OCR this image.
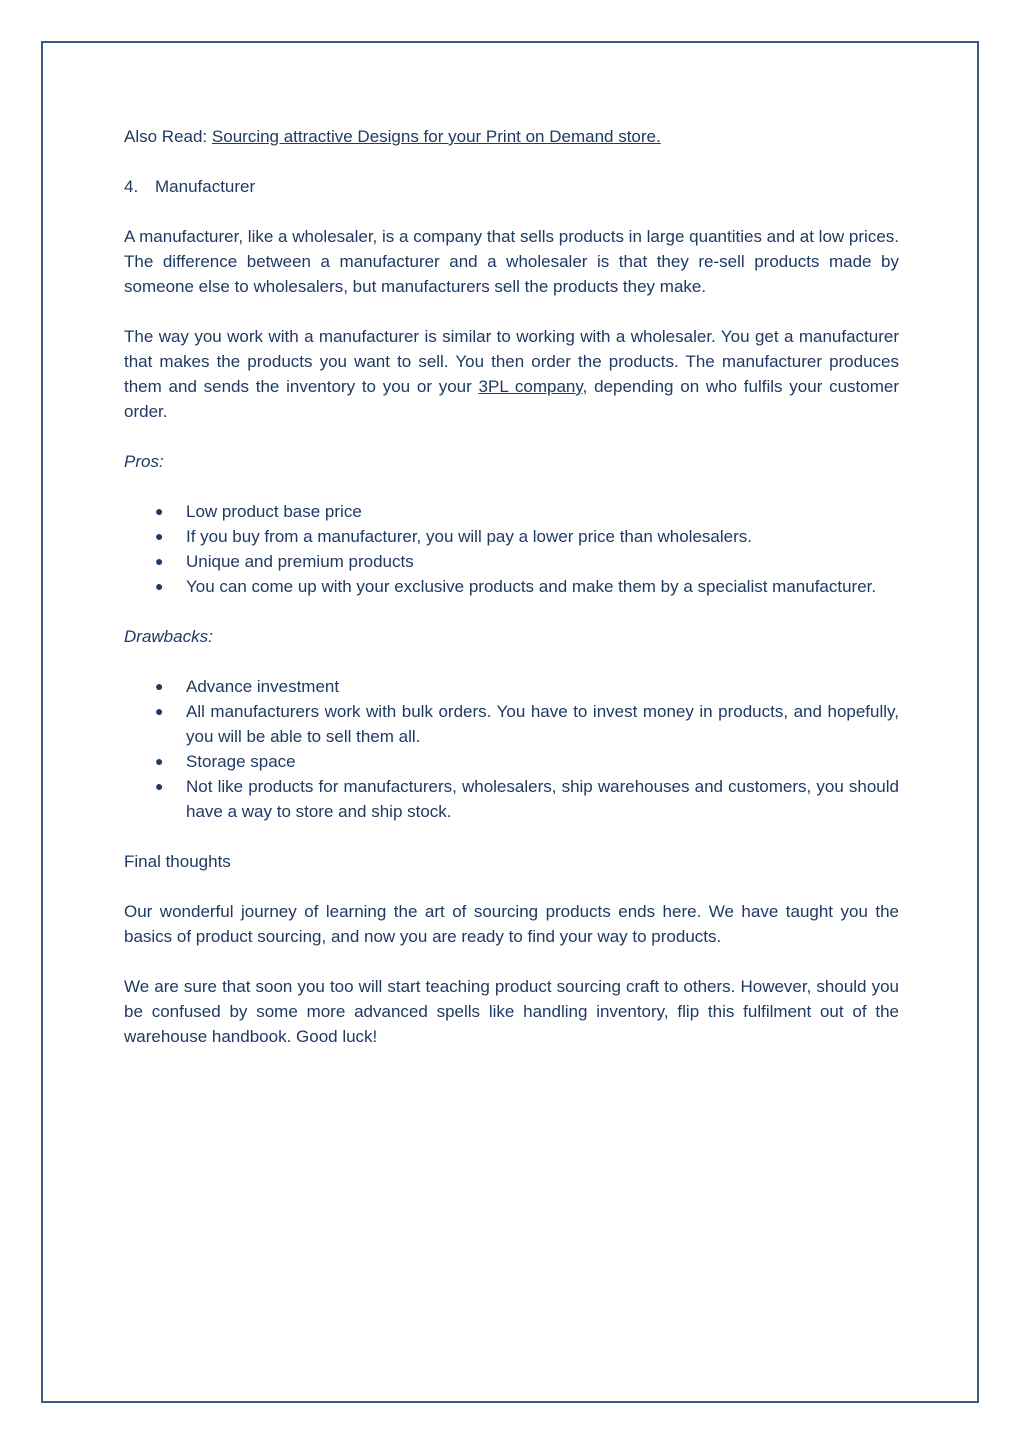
Also Read: Sourcing attractive Designs for your Print on Demand store.

4. Manufacturer

A manufacturer, like a wholesaler, is a company that sells products in large quantities and at low prices. The difference between a manufacturer and a wholesaler is that they re-sell products made by someone else to wholesalers, but manufacturers sell the products they make.

The way you work with a manufacturer is similar to working with a wholesaler. You get a manufacturer that makes the products you want to sell. You then order the products. The manufacturer produces them and sends the inventory to you or your 3PL company, depending on who fulfils your customer order.

Pros:

● Low product base price
● If you buy from a manufacturer, you will pay a lower price than wholesalers.
● Unique and premium products
● You can come up with your exclusive products and make them by a specialist manufacturer.

Drawbacks:

● Advance investment
● All manufacturers work with bulk orders. You have to invest money in products, and hopefully, you will be able to sell them all.
● Storage space
● Not like products for manufacturers, wholesalers, ship warehouses and customers, you should have a way to store and ship stock.

Final thoughts

Our wonderful journey of learning the art of sourcing products ends here. We have taught you the basics of product sourcing, and now you are ready to find your way to products.

We are sure that soon you too will start teaching product sourcing craft to others. However, should you be confused by some more advanced spells like handling inventory, flip this fulfilment out of the warehouse handbook. Good luck!
